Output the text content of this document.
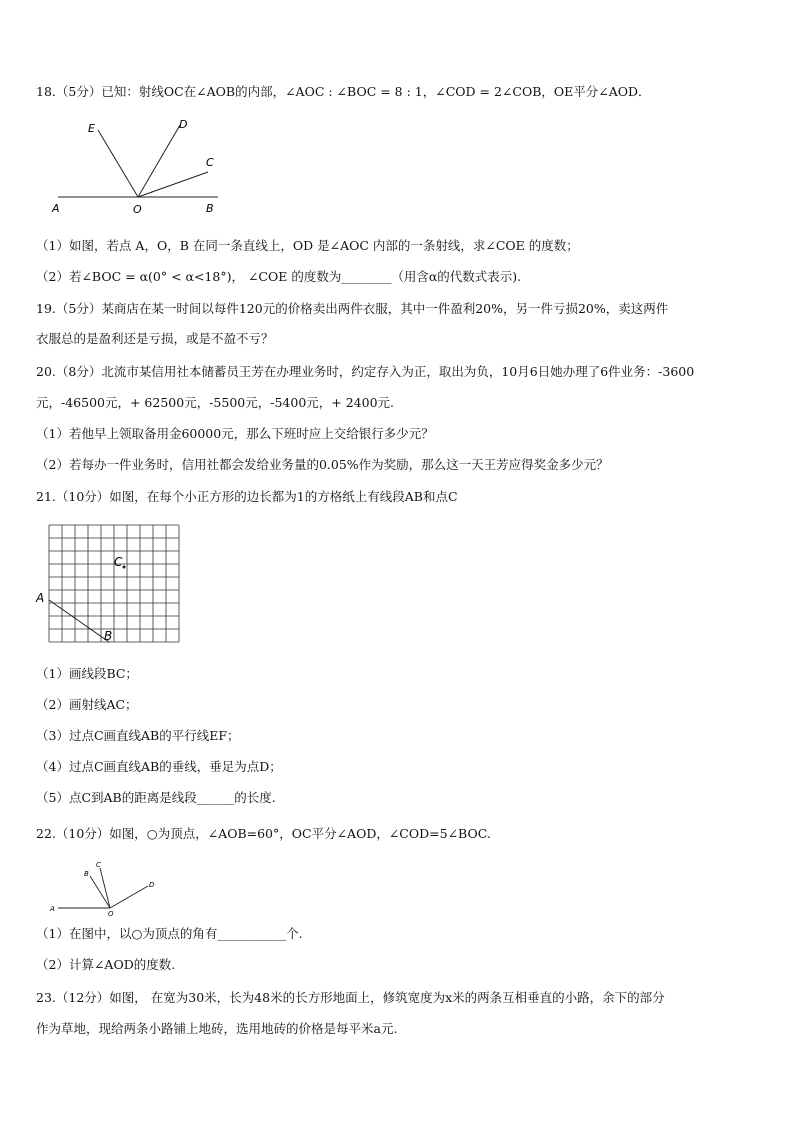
18.（5分）已知：射线OC在∠AOB的内部，∠AOC : ∠BOC = 8 : 1，∠COD = 2∠COB，OE平分∠AOD．
E	D
C
A	O	B
（1）如图，若点 A，O，B 在同一条直线上，OD 是∠AOC 内部的一条射线，求∠COE 的度数；
（2）若∠BOC = α(0° < α<18°)， ∠COE 的度数为________（用含α的代数式表示).
19.（5分）某商店在某一时间以每件120元的价格卖出两件衣服，其中一件盈利20%，另一件亏损20%，卖这两件
衣服总的是盈利还是亏损，或是不盈不亏？
20.（8分）北流市某信用社本储蓄员王芳在办理业务时，约定存入为正，取出为负，10月6日她办理了6件业务：-3600
元，-46500元，+ 62500元，-5500元，-5400元，+ 2400元.
（1）若他早上领取备用金60000元，那么下班时应上交给银行多少元？
（2）若每办一件业务时，信用社都会发给业务量的0.05%作为奖励，那么这一天王芳应得奖金多少元？
21.（10分）如图，在每个小正方形的边长都为1的方格纸上有线段AB和点C
A
B
C
（1）画线段BC；
（2）画射线AC；
（3）过点C画直线AB的平行线EF；
（4）过点C画直线AB的垂线，垂足为点D；
（5）点C到AB的距离是线段______的长度.
22.（10分）如图，○为顶点，∠AOB=60°，OC平分∠AOD，∠COD=5∠BOC.
A
B
C
D
O
（1）在图中，以○为顶点的角有___________个.
（2）计算∠AOD的度数.
23.（12分）如图， 在宽为30米，长为48米的长方形地面上，修筑宽度为x米的两条互相垂直的小路，余下的部分
作为草地，现给两条小路铺上地砖，选用地砖的价格是每平米a元.
